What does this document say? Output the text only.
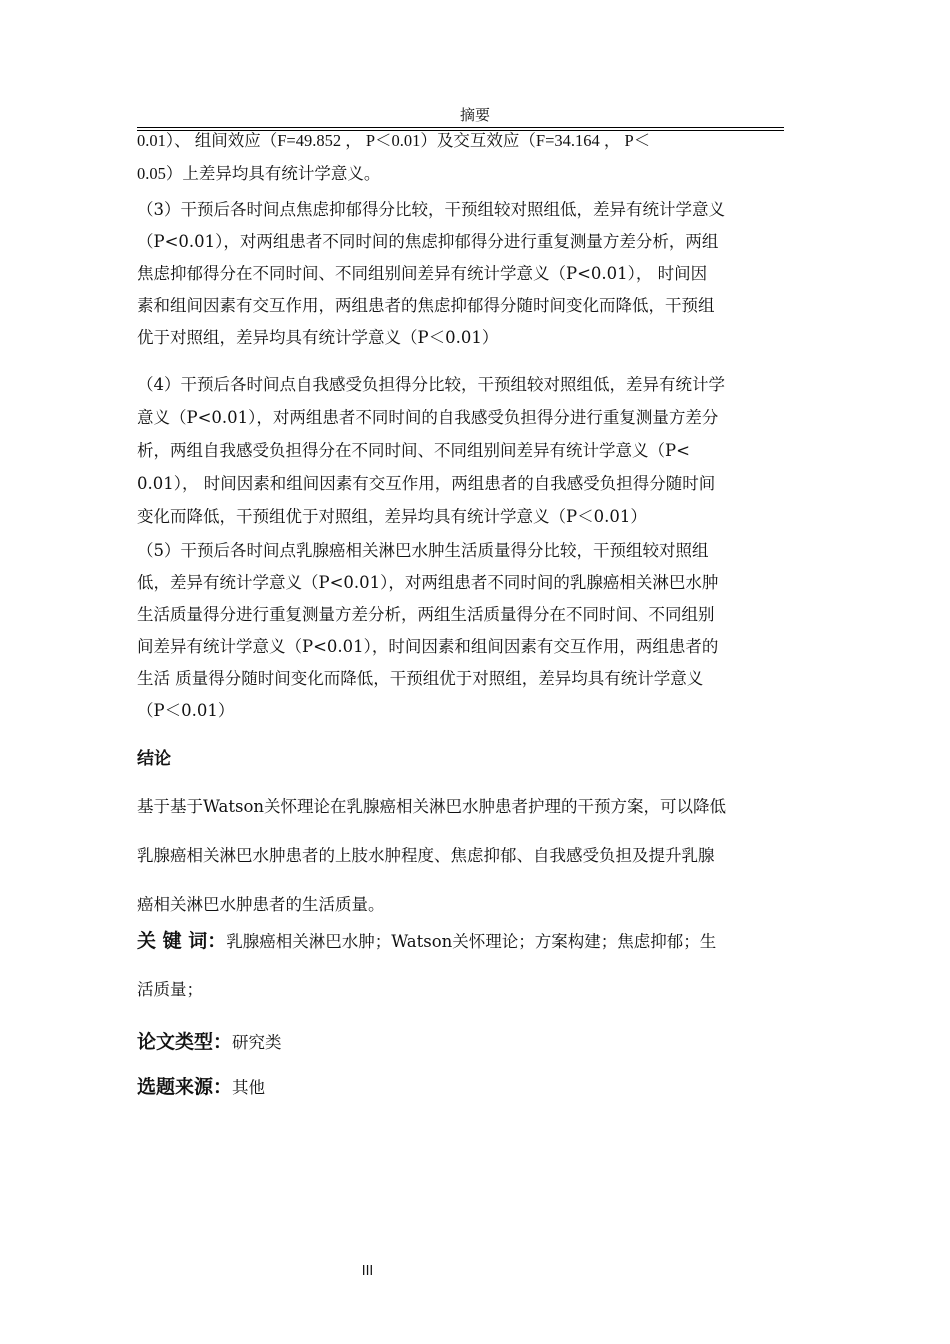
摘要
0.01）、 组间效应（F=49.852 ， P＜0.01）及交互效应（F=34.164 ， P＜
0.05）上差异均具有统计学意义。
（3）干预后各时间点焦虑抑郁得分比较，干预组较对照组低，差异有统计学意义
（P<0.01），对两组患者不同时间的焦虑抑郁得分进行重复测量方差分析，两组
焦虑抑郁得分在不同时间、不同组别间差异有统计学意义（P<0.01）， 时间因
素和组间因素有交互作用，两组患者的焦虑抑郁得分随时间变化而降低，干预组
优于对照组，差异均具有统计学意义（P＜0.01）
（4）干预后各时间点自我感受负担得分比较，干预组较对照组低，差异有统计学
意义（P<0.01），对两组患者不同时间的自我感受负担得分进行重复测量方差分
析，两组自我感受负担得分在不同时间、不同组别间差异有统计学意义（P<
0.01）， 时间因素和组间因素有交互作用，两组患者的自我感受负担得分随时间
变化而降低，干预组优于对照组，差异均具有统计学意义（P＜0.01）
（5）干预后各时间点乳腺癌相关淋巴水肿生活质量得分比较，干预组较对照组
低，差异有统计学意义（P<0.01），对两组患者不同时间的乳腺癌相关淋巴水肿
生活质量得分进行重复测量方差分析，两组生活质量得分在不同时间、不同组别
间差异有统计学意义（P<0.01），时间因素和组间因素有交互作用，两组患者的
生活 质量得分随时间变化而降低，干预组优于对照组，差异均具有统计学意义
（P＜0.01）
结论
基于基于Watson关怀理论在乳腺癌相关淋巴水肿患者护理的干预方案，可以降低
乳腺癌相关淋巴水肿患者的上肢水肿程度、焦虑抑郁、自我感受负担及提升乳腺
癌相关淋巴水肿患者的生活质量。
关 键 词：乳腺癌相关淋巴水肿；Watson关怀理论；方案构建；焦虑抑郁；生
活质量；
论文类型：研究类
选题来源：其他
III
